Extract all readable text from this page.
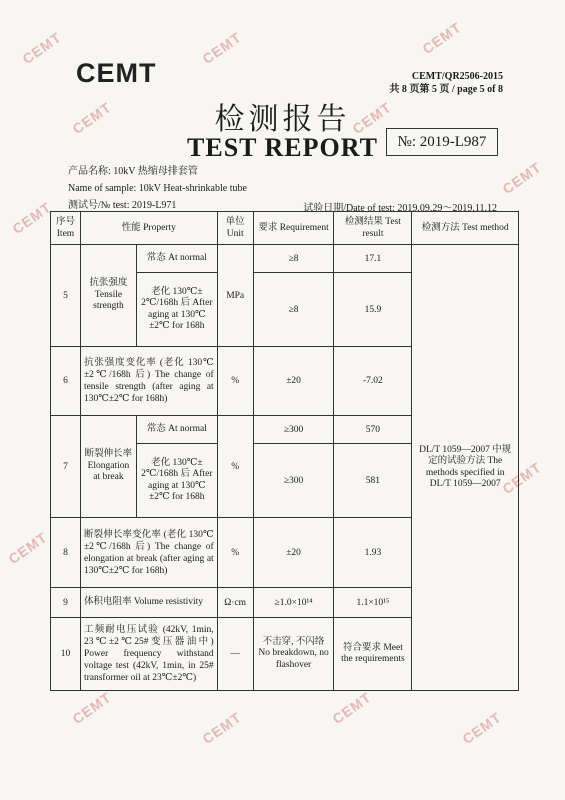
CEMT	CEMT	CEMT
CEMT	CEMT
CEMT
CEMT
CEMT
CEMT
CEMT
CEMT
CEMT
CEMT
CEMT	CEMT/QR2506-2015
共 8 页第 5 页 / page 5 of 8
检测报告
TEST REPORT	№: 2019-L987
产品名称: 10kV 热缩母排套管
Name of sample: 10kV Heat-shrinkable tube
测试号/№ test: 2019-L971	试验日期/Date of test: 2019.09.29～2019.11.12
序号 Item	性能 Property		单位 Unit	要求 Requirement	检测结果 Test result	检测方法 Test method
5	抗张强度 Tensile strength	常态 At normal	MPa	≥8	17.1	DL/T 1059—2007 中规定的试验方法 The methods specified in DL/T 1059—2007
		老化 130℃± 2℃/168h 后 After aging at 130℃±2℃ for 168h		≥8	15.9	
6	抗张强度变化率 (老化 130℃±2℃/168h 后) The change of tensile strength (after aging at 130℃±2℃ for 168h)		%	±20	-7.02	
7	断裂伸长率 Elongation at break	常态 At normal	%	≥300	570	
		老化 130℃± 2℃/168h 后 After aging at 130℃±2℃ for 168h		≥300	581	
8	断裂伸长率变化率 (老化 130℃±2℃/168h 后) The change of elongation at break (after aging at 130℃±2℃ for 168h)		%	±20	1.93	
9	体积电阻率 Volume resistivity		Ω·cm	≥1.0×10¹⁴	1.1×10¹⁵	
10	工频耐电压试验 (42kV, 1min, 23℃±2℃25#变压器油中) Power frequency withstand voltage test (42kV, 1min, in 25# transformer oil at 23℃±2℃)		—	不击穿, 不闪络 No breakdown, no flashover	符合要求 Meet the requirements	
